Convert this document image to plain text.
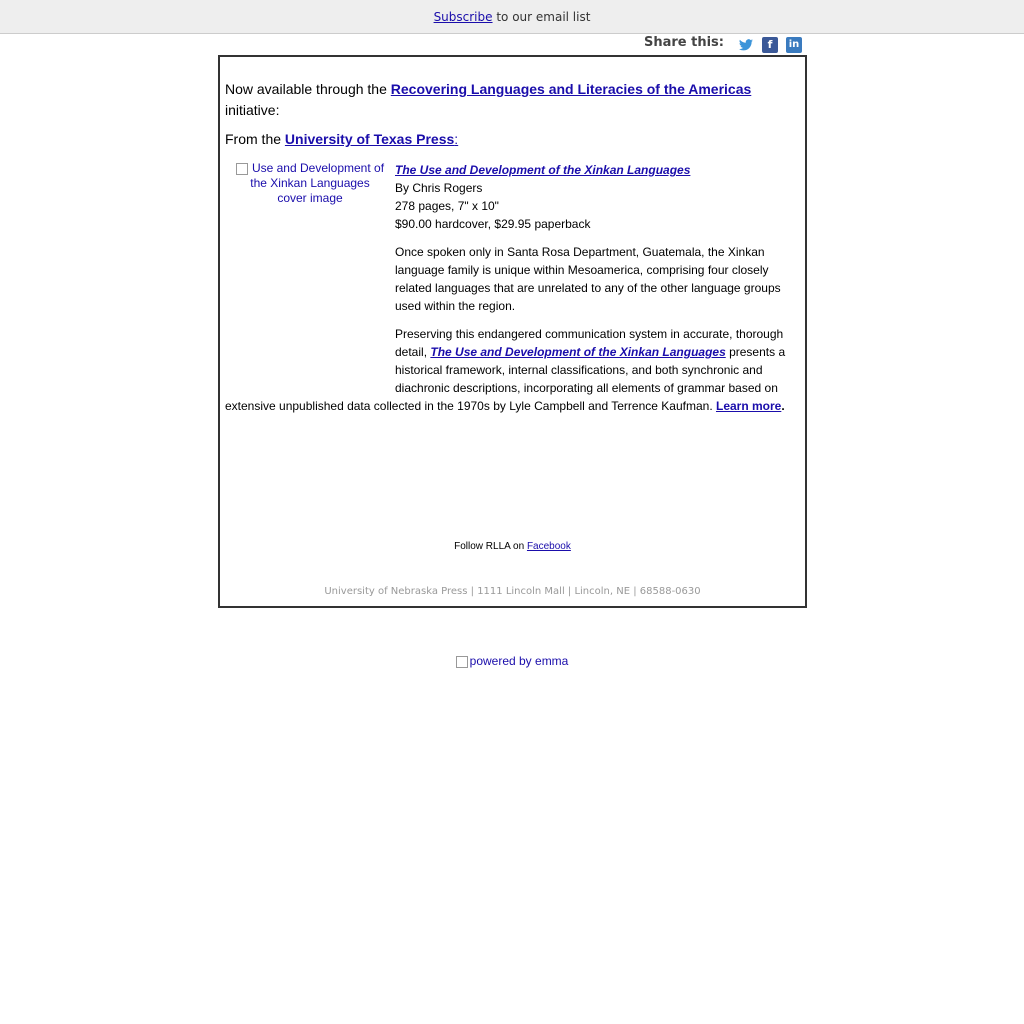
Subscribe to our email list
Share this:	f	in
Now available through the Recovering Languages and Literacies of the Americas
initiative:
From the University of Texas Press:
Use and Development of the Xinkan Languages cover image

The Use and Development of the Xinkan Languages
By Chris Rogers
278 pages, 7" x 10"
$90.00 hardcover, $29.95 paperback

Once spoken only in Santa Rosa Department, Guatemala, the Xinkan language family is unique within Mesoamerica, comprising four closely related languages that are unrelated to any of the other language groups used within the region.

Preserving this endangered communication system in accurate, thorough detail, The Use and Development of the Xinkan Languages presents a historical framework, internal classifications, and both synchronic and diachronic descriptions, incorporating all elements of grammar based on

extensive unpublished data collected in the 1970s by Lyle Campbell and Terrence Kaufman. Learn more.
Follow RLLA on Facebook
University of Nebraska Press | 1111 Lincoln Mall | Lincoln, NE | 68588-0630
powered by emma
